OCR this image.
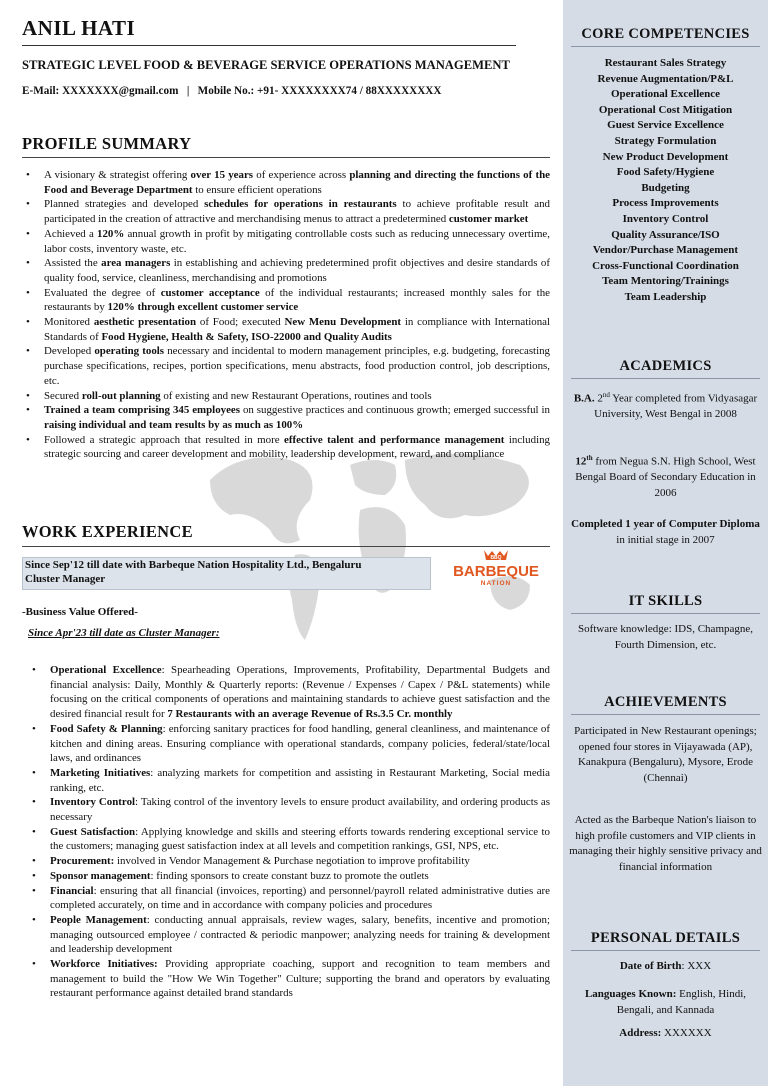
ANIL HATI
STRATEGIC LEVEL FOOD & BEVERAGE SERVICE OPERATIONS MANAGEMENT
E-Mail: XXXXXXX@gmail.com   |   Mobile No.: +91- XXXXXXXX74 / 88XXXXXXXX
PROFILE SUMMARY
• A visionary & strategist offering over 15 years of experience across planning and directing the functions of the Food and Beverage Department to ensure efficient operations
• Planned strategies and developed schedules for operations in restaurants to achieve profitable result and participated in the creation of attractive and merchandising menus to attract a predetermined customer market
• Achieved a 120% annual growth in profit by mitigating controllable costs such as reducing unnecessary overtime, labor costs, inventory waste, etc.
• Assisted the area managers in establishing and achieving predetermined profit objectives and desire standards of quality food, service, cleanliness, merchandising and promotions
• Evaluated the degree of customer acceptance of the individual restaurants; increased monthly sales for the restaurants by 120% through excellent customer service
• Monitored aesthetic presentation of Food; executed New Menu Development in compliance with International Standards of Food Hygiene, Health & Safety, ISO-22000 and Quality Audits
• Developed operating tools necessary and incidental to modern management principles, e.g. budgeting, forecasting purchase specifications, recipes, portion specifications, menu abstracts, food production control, job descriptions, etc.
• Secured roll-out planning of existing and new Restaurant Operations, routines and tools
• Trained a team comprising 345 employees on suggestive practices and continuous growth; emerged successful in raising individual and team results by as much as 100%
• Followed a strategic approach that resulted in more effective talent and performance management including strategic sourcing and career development and mobility, leadership development, reward, and compliance
WORK EXPERIENCE
Since Sep'12 till date with Barbeque Nation Hospitality Ltd., Bengaluru
Cluster Manager
BBQ
BARBEQUE
NATION
-Business Value Offered-
Since Apr'23 till date as Cluster Manager:
• Operational Excellence: Spearheading Operations, Improvements, Profitability, Departmental Budgets and financial analysis: Daily, Monthly & Quarterly reports: (Revenue / Expenses / Capex / P&L statements) while focusing on the critical components of operations and maintaining standards to achieve guest satisfaction and the desired financial result for 7 Restaurants with an average Revenue of Rs.3.5 Cr. monthly
• Food Safety & Planning: enforcing sanitary practices for food handling, general cleanliness, and maintenance of kitchen and dining areas. Ensuring compliance with operational standards, company policies, federal/state/local laws, and ordinances
• Marketing Initiatives: analyzing markets for competition and assisting in Restaurant Marketing, Social media ranking, etc.
• Inventory Control: Taking control of the inventory levels to ensure product availability, and ordering products as necessary
• Guest Satisfaction: Applying knowledge and skills and steering efforts towards rendering exceptional service to the customers; managing guest satisfaction index at all levels and competition rankings, GSI, NPS, etc.
• Procurement: involved in Vendor Management & Purchase negotiation to improve profitability
• Sponsor management: finding sponsors to create constant buzz to promote the outlets
• Financial: ensuring that all financial (invoices, reporting) and personnel/payroll related administrative duties are completed accurately, on time and in accordance with company policies and procedures
• People Management: conducting annual appraisals, review wages, salary, benefits, incentive and promotion; managing outsourced employee / contracted & periodic manpower; analyzing needs for training & development and leadership development
• Workforce Initiatives: Providing appropriate coaching, support and recognition to team members and management to build the "How We Win Together" Culture; supporting the brand and operators by evaluating restaurant performance against detailed brand standards
CORE COMPETENCIES
Restaurant Sales Strategy
Revenue Augmentation/P&L
Operational Excellence
Operational Cost Mitigation
Guest Service Excellence
Strategy Formulation
New Product Development
Food Safety/Hygiene
Budgeting
Process Improvements
Inventory Control
Quality Assurance/ISO
Vendor/Purchase Management
Cross-Functional Coordination
Team Mentoring/Trainings
Team Leadership
ACADEMICS
B.A. 2nd Year completed from Vidyasagar University, West Bengal in 2008
12th from Negua S.N. High School, West Bengal Board of Secondary Education in 2006
Completed 1 year of Computer Diploma in initial stage in 2007
IT SKILLS
Software knowledge: IDS, Champagne, Fourth Dimension, etc.
ACHIEVEMENTS
Participated in New Restaurant openings; opened four stores in Vijayawada (AP), Kanakpura (Bengaluru), Mysore, Erode (Chennai)
Acted as the Barbeque Nation's liaison to high profile customers and VIP clients in managing their highly sensitive privacy and financial information
PERSONAL DETAILS
Date of Birth: XXX
Languages Known: English, Hindi, Bengali, and Kannada
Address: XXXXXX
